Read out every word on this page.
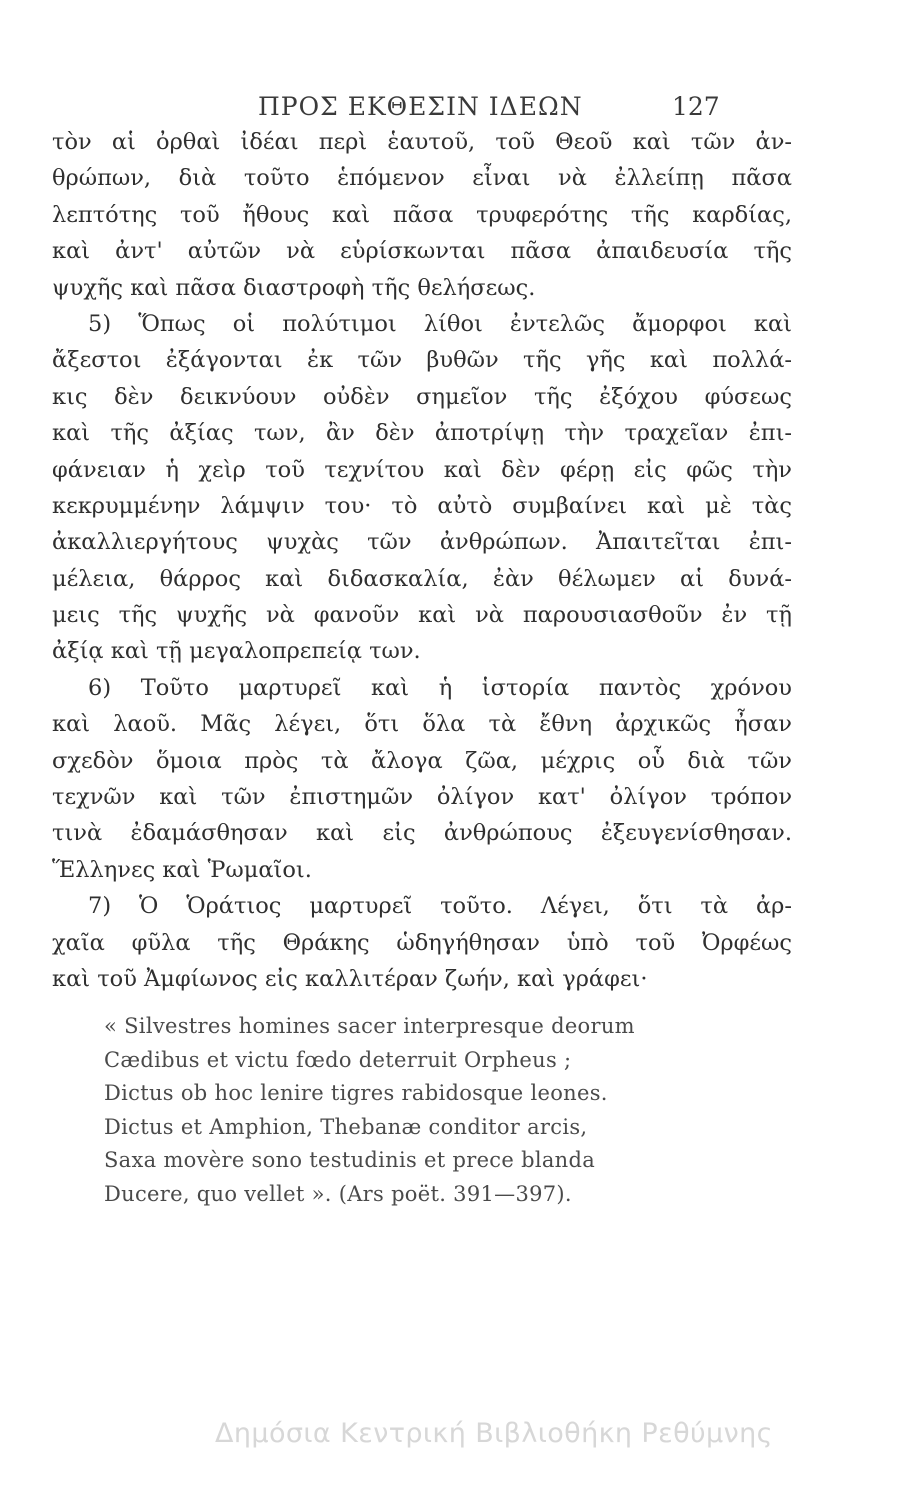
ΠΡΟΣ ΕΚΘΕΣΙΝ ΙΔΕΩΝ	127
τὸν αἱ ὀρθαὶ ἰδέαι περὶ ἑαυτοῦ, τοῦ Θεοῦ καὶ τῶν ἀν-
θρώπων, διὰ τοῦτο ἑπόμενον εἶναι νὰ ἐλλείπῃ πᾶσα
λεπτότης τοῦ ἤθους καὶ πᾶσα τρυφερότης τῆς καρδίας,
καὶ ἀντ' αὐτῶν νὰ εὑρίσκωνται πᾶσα ἀπαιδευσία τῆς
ψυχῆς καὶ πᾶσα διαστροφὴ τῆς θελήσεως.
5) Ὅπως οἱ πολύτιμοι λίθοι ἐντελῶς ἄμορφοι καὶ
ἄξεστοι ἐξάγονται ἐκ τῶν βυθῶν τῆς γῆς καὶ πολλά-
κις δὲν δεικνύουν οὐδὲν σημεῖον τῆς ἐξόχου φύσεως
καὶ τῆς ἀξίας των, ἂν δὲν ἀποτρίψῃ τὴν τραχεῖαν ἐπι-
φάνειαν ἡ χεὶρ τοῦ τεχνίτου καὶ δὲν φέρῃ εἰς φῶς τὴν
κεκρυμμένην λάμψιν του· τὸ αὐτὸ συμβαίνει καὶ μὲ τὰς
ἀκαλλιεργήτους ψυχὰς τῶν ἀνθρώπων. Ἀπαιτεῖται ἐπι-
μέλεια, θάρρος καὶ διδασκαλία, ἐὰν θέλωμεν αἱ δυνά-
μεις τῆς ψυχῆς νὰ φανοῦν καὶ νὰ παρουσιασθοῦν ἐν τῇ
ἀξίᾳ καὶ τῇ μεγαλοπρεπείᾳ των.
6) Τοῦτο μαρτυρεῖ καὶ ἡ ἱστορία παντὸς χρόνου
καὶ λαοῦ. Μᾶς λέγει, ὅτι ὅλα τὰ ἔθνη ἀρχικῶς ἦσαν
σχεδὸν ὅμοια πρὸς τὰ ἄλογα ζῶα, μέχρις οὗ διὰ τῶν
τεχνῶν καὶ τῶν ἐπιστημῶν ὀλίγον κατ' ὀλίγον τρόπον
τινὰ ἐδαμάσθησαν καὶ εἰς ἀνθρώπους ἐξευγενίσθησαν.
Ἕλληνες καὶ Ῥωμαῖοι.
7) Ὁ Ὁράτιος μαρτυρεῖ τοῦτο. Λέγει, ὅτι τὰ ἀρ-
χαῖα φῦλα τῆς Θράκης ὡδηγήθησαν ὑπὸ τοῦ Ὀρφέως
καὶ τοῦ Ἀμφίωνος εἰς καλλιτέραν ζωήν, καὶ γράφει·
« Silvestres homines sacer interpresque deorum
Cædibus et victu fœdo deterruit Orpheus ;
Dictus ob hoc lenire tigres rabidosque leones.
Dictus et Amphion, Thebanæ conditor arcis,
Saxa movère sono testudinis et prece blanda
Ducere, quo vellet ». (Ars poët. 391—397).
Δημόσια Κεντρική Βιβλιοθήκη Ρεθύμνης
